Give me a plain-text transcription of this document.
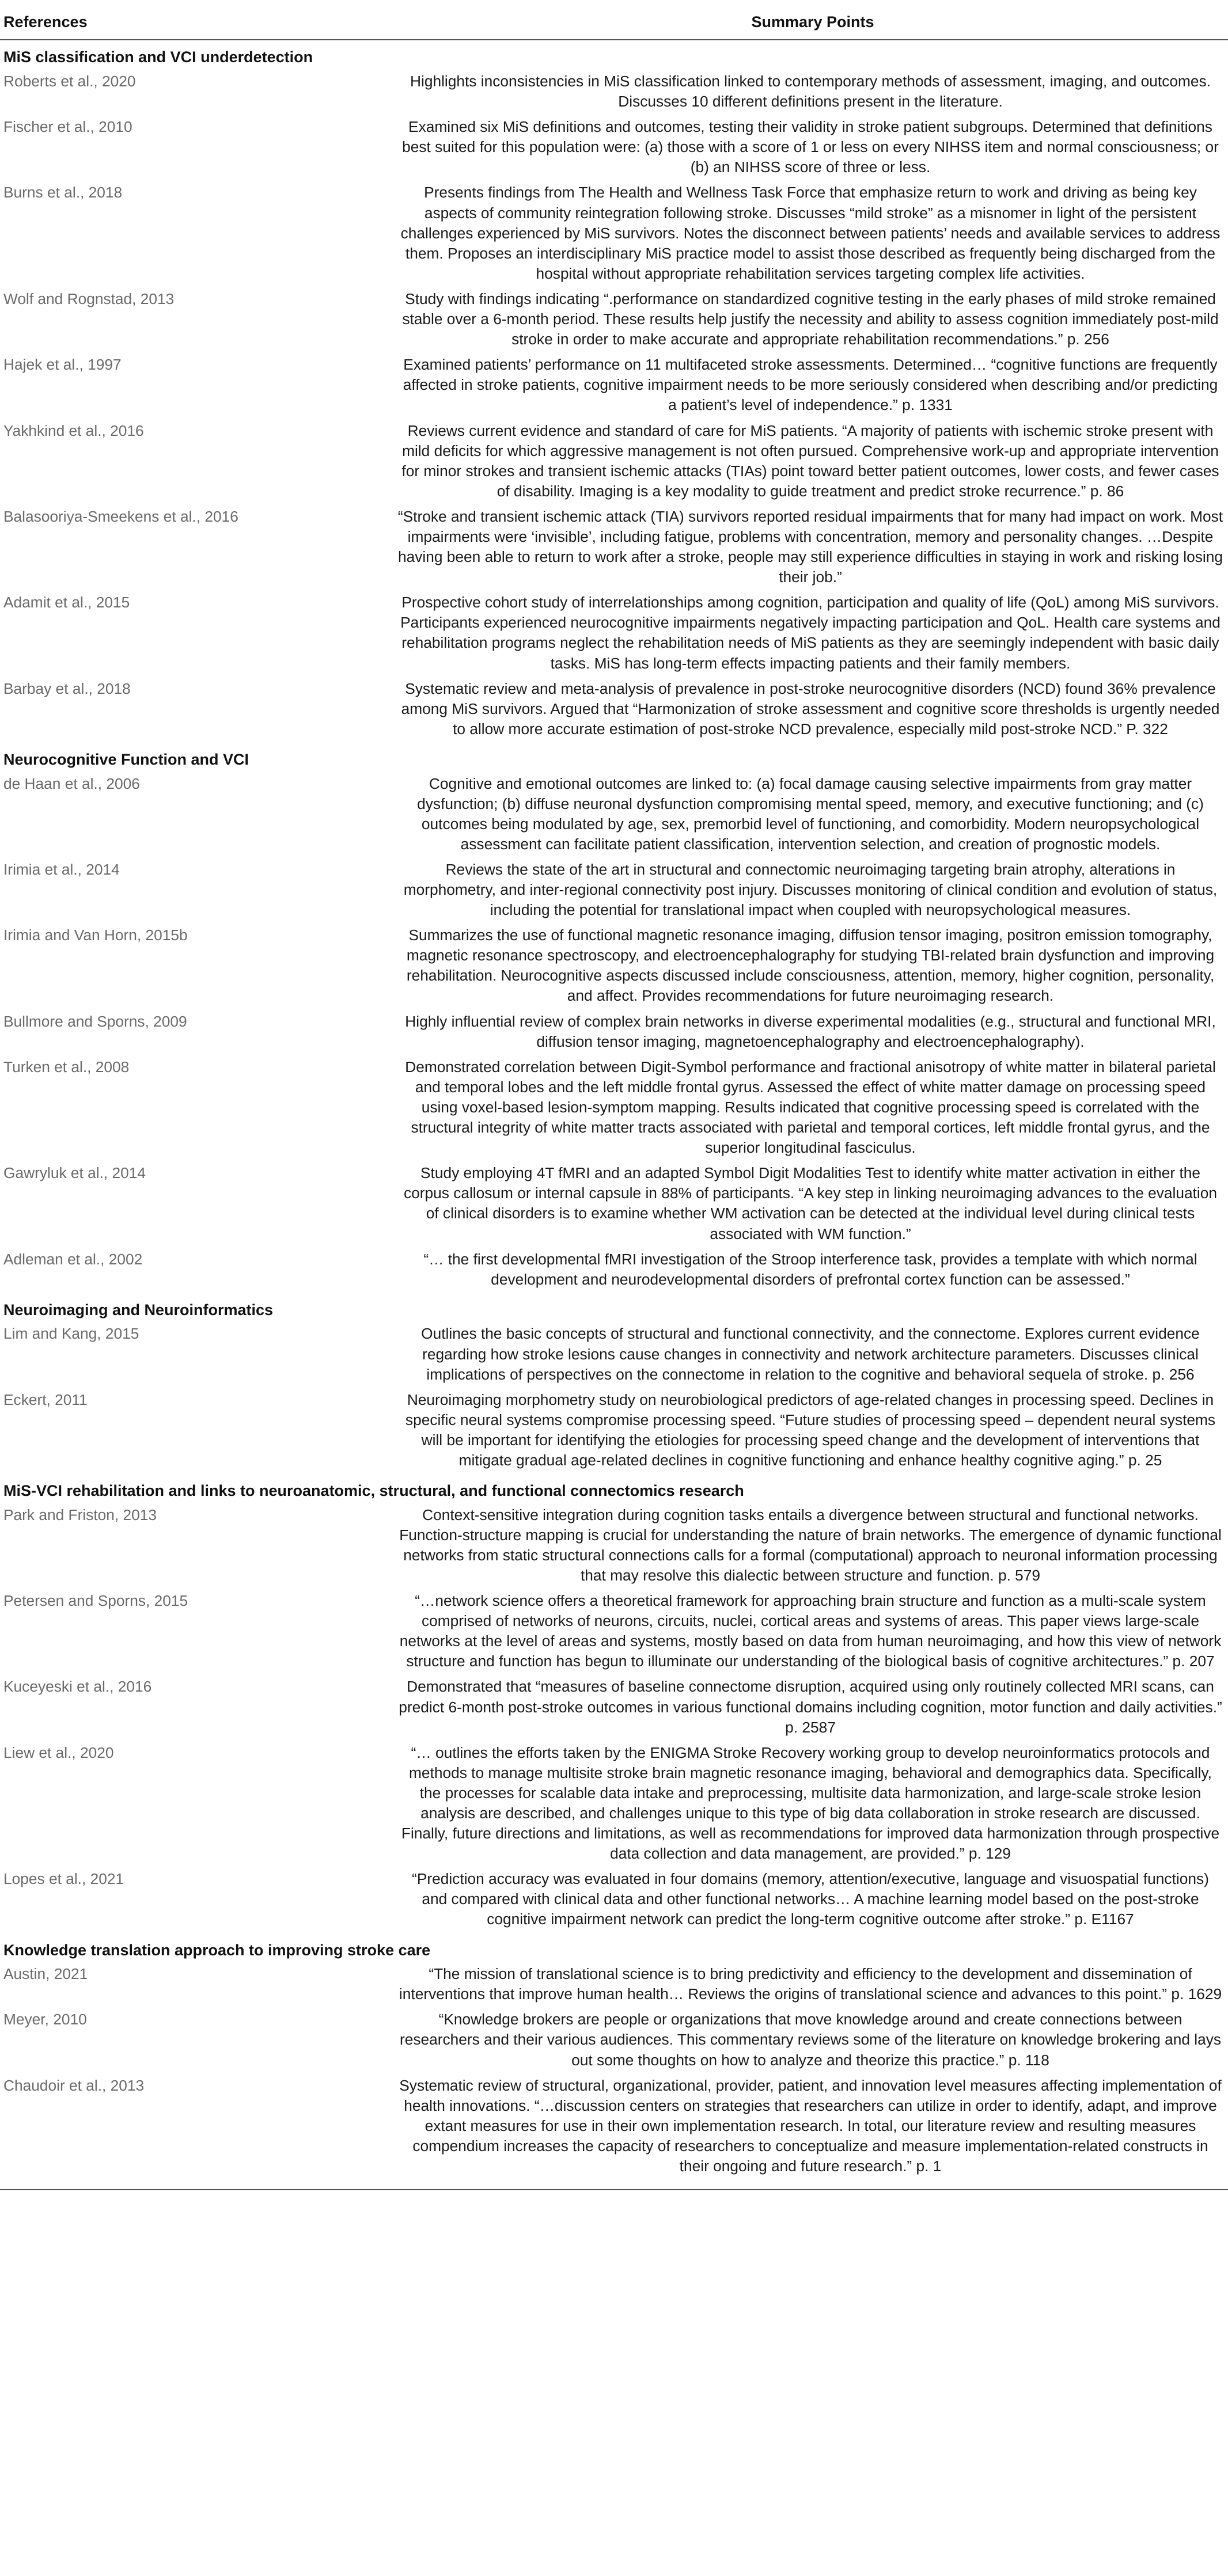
References	Summary Points
MiS classification and VCI underdetection	
Roberts et al., 2020	Highlights inconsistencies in MiS classification linked to contemporary methods of assessment, imaging, and outcomes. Discusses 10 different definitions present in the literature.
Fischer et al., 2010	Examined six MiS definitions and outcomes, testing their validity in stroke patient subgroups. Determined that definitions best suited for this population were: (a) those with a score of 1 or less on every NIHSS item and normal consciousness; or (b) an NIHSS score of three or less.
Burns et al., 2018	Presents findings from The Health and Wellness Task Force that emphasize return to work and driving as being key aspects of community reintegration following stroke. Discusses “mild stroke” as a misnomer in light of the persistent challenges experienced by MiS survivors. Notes the disconnect between patients’ needs and available services to address them. Proposes an interdisciplinary MiS practice model to assist those described as frequently being discharged from the hospital without appropriate rehabilitation services targeting complex life activities.
Wolf and Rognstad, 2013	Study with findings indicating “.performance on standardized cognitive testing in the early phases of mild stroke remained stable over a 6-month period. These results help justify the necessity and ability to assess cognition immediately post-mild stroke in order to make accurate and appropriate rehabilitation recommendations.” p. 256
Hajek et al., 1997	Examined patients’ performance on 11 multifaceted stroke assessments. Determined… “cognitive functions are frequently affected in stroke patients, cognitive impairment needs to be more seriously considered when describing and/or predicting a patient’s level of independence.” p. 1331
Yakhkind et al., 2016	Reviews current evidence and standard of care for MiS patients. “A majority of patients with ischemic stroke present with mild deficits for which aggressive management is not often pursued. Comprehensive work-up and appropriate intervention for minor strokes and transient ischemic attacks (TIAs) point toward better patient outcomes, lower costs, and fewer cases of disability. Imaging is a key modality to guide treatment and predict stroke recurrence.” p. 86
Balasooriya-Smeekens et al., 2016	“Stroke and transient ischemic attack (TIA) survivors reported residual impairments that for many had impact on work. Most impairments were ‘invisible’, including fatigue, problems with concentration, memory and personality changes. …Despite having been able to return to work after a stroke, people may still experience difficulties in staying in work and risking losing their job.”
Adamit et al., 2015	Prospective cohort study of interrelationships among cognition, participation and quality of life (QoL) among MiS survivors. Participants experienced neurocognitive impairments negatively impacting participation and QoL. Health care systems and rehabilitation programs neglect the rehabilitation needs of MiS patients as they are seemingly independent with basic daily tasks. MiS has long-term effects impacting patients and their family members.
Barbay et al., 2018	Systematic review and meta-analysis of prevalence in post-stroke neurocognitive disorders (NCD) found 36% prevalence among MiS survivors. Argued that “Harmonization of stroke assessment and cognitive score thresholds is urgently needed to allow more accurate estimation of post-stroke NCD prevalence, especially mild post-stroke NCD.” P. 322
Neurocognitive Function and VCI	
de Haan et al., 2006	Cognitive and emotional outcomes are linked to: (a) focal damage causing selective impairments from gray matter dysfunction; (b) diffuse neuronal dysfunction compromising mental speed, memory, and executive functioning; and (c) outcomes being modulated by age, sex, premorbid level of functioning, and comorbidity. Modern neuropsychological assessment can facilitate patient classification, intervention selection, and creation of prognostic models.
Irimia et al., 2014	Reviews the state of the art in structural and connectomic neuroimaging targeting brain atrophy, alterations in morphometry, and inter-regional connectivity post injury. Discusses monitoring of clinical condition and evolution of status, including the potential for translational impact when coupled with neuropsychological measures.
Irimia and Van Horn, 2015b	Summarizes the use of functional magnetic resonance imaging, diffusion tensor imaging, positron emission tomography, magnetic resonance spectroscopy, and electroencephalography for studying TBI-related brain dysfunction and improving rehabilitation. Neurocognitive aspects discussed include consciousness, attention, memory, higher cognition, personality, and affect. Provides recommendations for future neuroimaging research.
Bullmore and Sporns, 2009	Highly influential review of complex brain networks in diverse experimental modalities (e.g., structural and functional MRI, diffusion tensor imaging, magnetoencephalography and electroencephalography).
Turken et al., 2008	Demonstrated correlation between Digit-Symbol performance and fractional anisotropy of white matter in bilateral parietal and temporal lobes and the left middle frontal gyrus. Assessed the effect of white matter damage on processing speed using voxel-based lesion-symptom mapping. Results indicated that cognitive processing speed is correlated with the structural integrity of white matter tracts associated with parietal and temporal cortices, left middle frontal gyrus, and the superior longitudinal fasciculus.
Gawryluk et al., 2014	Study employing 4T fMRI and an adapted Symbol Digit Modalities Test to identify white matter activation in either the corpus callosum or internal capsule in 88% of participants. “A key step in linking neuroimaging advances to the evaluation of clinical disorders is to examine whether WM activation can be detected at the individual level during clinical tests associated with WM function.”
Adleman et al., 2002	“… the first developmental fMRI investigation of the Stroop interference task, provides a template with which normal development and neurodevelopmental disorders of prefrontal cortex function can be assessed.”
Neuroimaging and Neuroinformatics	
Lim and Kang, 2015	Outlines the basic concepts of structural and functional connectivity, and the connectome. Explores current evidence regarding how stroke lesions cause changes in connectivity and network architecture parameters. Discusses clinical implications of perspectives on the connectome in relation to the cognitive and behavioral sequela of stroke. p. 256
Eckert, 2011	Neuroimaging morphometry study on neurobiological predictors of age-related changes in processing speed. Declines in specific neural systems compromise processing speed. “Future studies of processing speed – dependent neural systems will be important for identifying the etiologies for processing speed change and the development of interventions that mitigate gradual age-related declines in cognitive functioning and enhance healthy cognitive aging.” p. 25
MiS-VCI rehabilitation and links to neuroanatomic, structural, and functional connectomics research	
Park and Friston, 2013	Context-sensitive integration during cognition tasks entails a divergence between structural and functional networks. Function-structure mapping is crucial for understanding the nature of brain networks. The emergence of dynamic functional networks from static structural connections calls for a formal (computational) approach to neuronal information processing that may resolve this dialectic between structure and function. p. 579
Petersen and Sporns, 2015	“…network science offers a theoretical framework for approaching brain structure and function as a multi-scale system comprised of networks of neurons, circuits, nuclei, cortical areas and systems of areas. This paper views large-scale networks at the level of areas and systems, mostly based on data from human neuroimaging, and how this view of network structure and function has begun to illuminate our understanding of the biological basis of cognitive architectures.” p. 207
Kuceyeski et al., 2016	Demonstrated that “measures of baseline connectome disruption, acquired using only routinely collected MRI scans, can predict 6-month post-stroke outcomes in various functional domains including cognition, motor function and daily activities.” p. 2587
Liew et al., 2020	“… outlines the efforts taken by the ENIGMA Stroke Recovery working group to develop neuroinformatics protocols and methods to manage multisite stroke brain magnetic resonance imaging, behavioral and demographics data. Specifically, the processes for scalable data intake and preprocessing, multisite data harmonization, and large-scale stroke lesion analysis are described, and challenges unique to this type of big data collaboration in stroke research are discussed. Finally, future directions and limitations, as well as recommendations for improved data harmonization through prospective data collection and data management, are provided.” p. 129
Lopes et al., 2021	“Prediction accuracy was evaluated in four domains (memory, attention/executive, language and visuospatial functions) and compared with clinical data and other functional networks… A machine learning model based on the post-stroke cognitive impairment network can predict the long-term cognitive outcome after stroke.” p. E1167
Knowledge translation approach to improving stroke care	
Austin, 2021	“The mission of translational science is to bring predictivity and efficiency to the development and dissemination of interventions that improve human health… Reviews the origins of translational science and advances to this point.” p. 1629
Meyer, 2010	“Knowledge brokers are people or organizations that move knowledge around and create connections between researchers and their various audiences. This commentary reviews some of the literature on knowledge brokering and lays out some thoughts on how to analyze and theorize this practice.” p. 118
Chaudoir et al., 2013	Systematic review of structural, organizational, provider, patient, and innovation level measures affecting implementation of health innovations. “…discussion centers on strategies that researchers can utilize in order to identify, adapt, and improve extant measures for use in their own implementation research. In total, our literature review and resulting measures compendium increases the capacity of researchers to conceptualize and measure implementation-related constructs in their ongoing and future research.” p. 1
